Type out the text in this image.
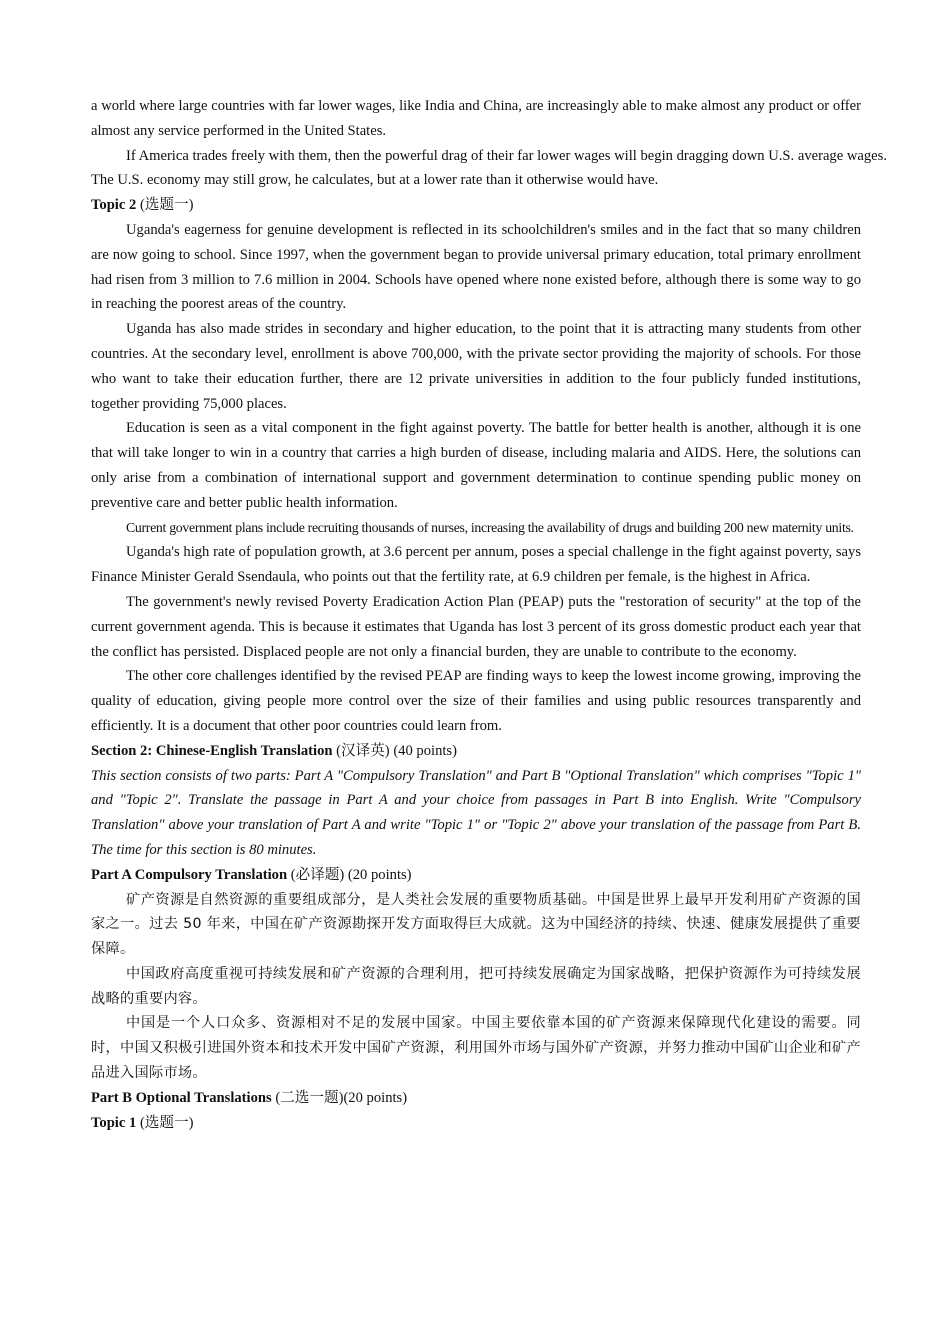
a world where large countries with far lower wages, like India and China, are increasingly able to make almost any product or offer almost any service performed in the United States.

If America trades freely with them, then the powerful drag of their far lower wages will begin dragging down U.S. average wages. The U.S. economy may still grow, he calculates, but at a lower rate than it otherwise would have.

Topic 2 (选题一)

Uganda's eagerness for genuine development is reflected in its schoolchildren's smiles and in the fact that so many children are now going to school. Since 1997, when the government began to provide universal primary education, total primary enrollment had risen from 3 million to 7.6 million in 2004. Schools have opened where none existed before, although there is some way to go in reaching the poorest areas of the country.

Uganda has also made strides in secondary and higher education, to the point that it is attracting many students from other countries. At the secondary level, enrollment is above 700,000, with the private sector providing the majority of schools. For those who want to take their education further, there are 12 private universities in addition to the four publicly funded institutions, together providing 75,000 places.

Education is seen as a vital component in the fight against poverty. The battle for better health is another, although it is one that will take longer to win in a country that carries a high burden of disease, including malaria and AIDS. Here, the solutions can only arise from a combination of international support and government determination to continue spending public money on preventive care and better public health information.

Current government plans include recruiting thousands of nurses, increasing the availability of drugs and building 200 new maternity units.

Uganda's high rate of population growth, at 3.6 percent per annum, poses a special challenge in the fight against poverty, says Finance Minister Gerald Ssendaula, who points out that the fertility rate, at 6.9 children per female, is the highest in Africa.

The government's newly revised Poverty Eradication Action Plan (PEAP) puts the "restoration of security" at the top of the current government agenda. This is because it estimates that Uganda has lost 3 percent of its gross domestic product each year that the conflict has persisted. Displaced people are not only a financial burden, they are unable to contribute to the economy.

The other core challenges identified by the revised PEAP are finding ways to keep the lowest income growing, improving the quality of education, giving people more control over the size of their families and using public resources transparently and efficiently. It is a document that other poor countries could learn from.

Section 2: Chinese-English Translation (汉译英) (40 points)

This section consists of two parts: Part A "Compulsory Translation" and Part B "Optional Translation" which comprises "Topic 1" and "Topic 2". Translate the passage in Part A and your choice from passages in Part B into English. Write "Compulsory Translation" above your translation of Part A and write "Topic 1" or "Topic 2" above your translation of the passage from Part B. The time for this section is 80 minutes.

Part A Compulsory Translation (必译题) (20 points)

矿产资源是自然资源的重要组成部分，是人类社会发展的重要物质基础。中国是世界上最早开发利用矿产资源的国家之一。过去 50 年来，中国在矿产资源勘探开发方面取得巨大成就。这为中国经济的持续、快速、健康发展提供了重要保障。

中国政府高度重视可持续发展和矿产资源的合理利用，把可持续发展确定为国家战略，把保护资源作为可持续发展战略的重要内容。

中国是一个人口众多、资源相对不足的发展中国家。中国主要依靠本国的矿产资源来保障现代化建设的需要。同时，中国又积极引进国外资本和技术开发中国矿产资源，利用国外市场与国外矿产资源，并努力推动中国矿山企业和矿产品进入国际市场。

Part B Optional Translations (二选一题)(20 points)

Topic 1 (选题一)
